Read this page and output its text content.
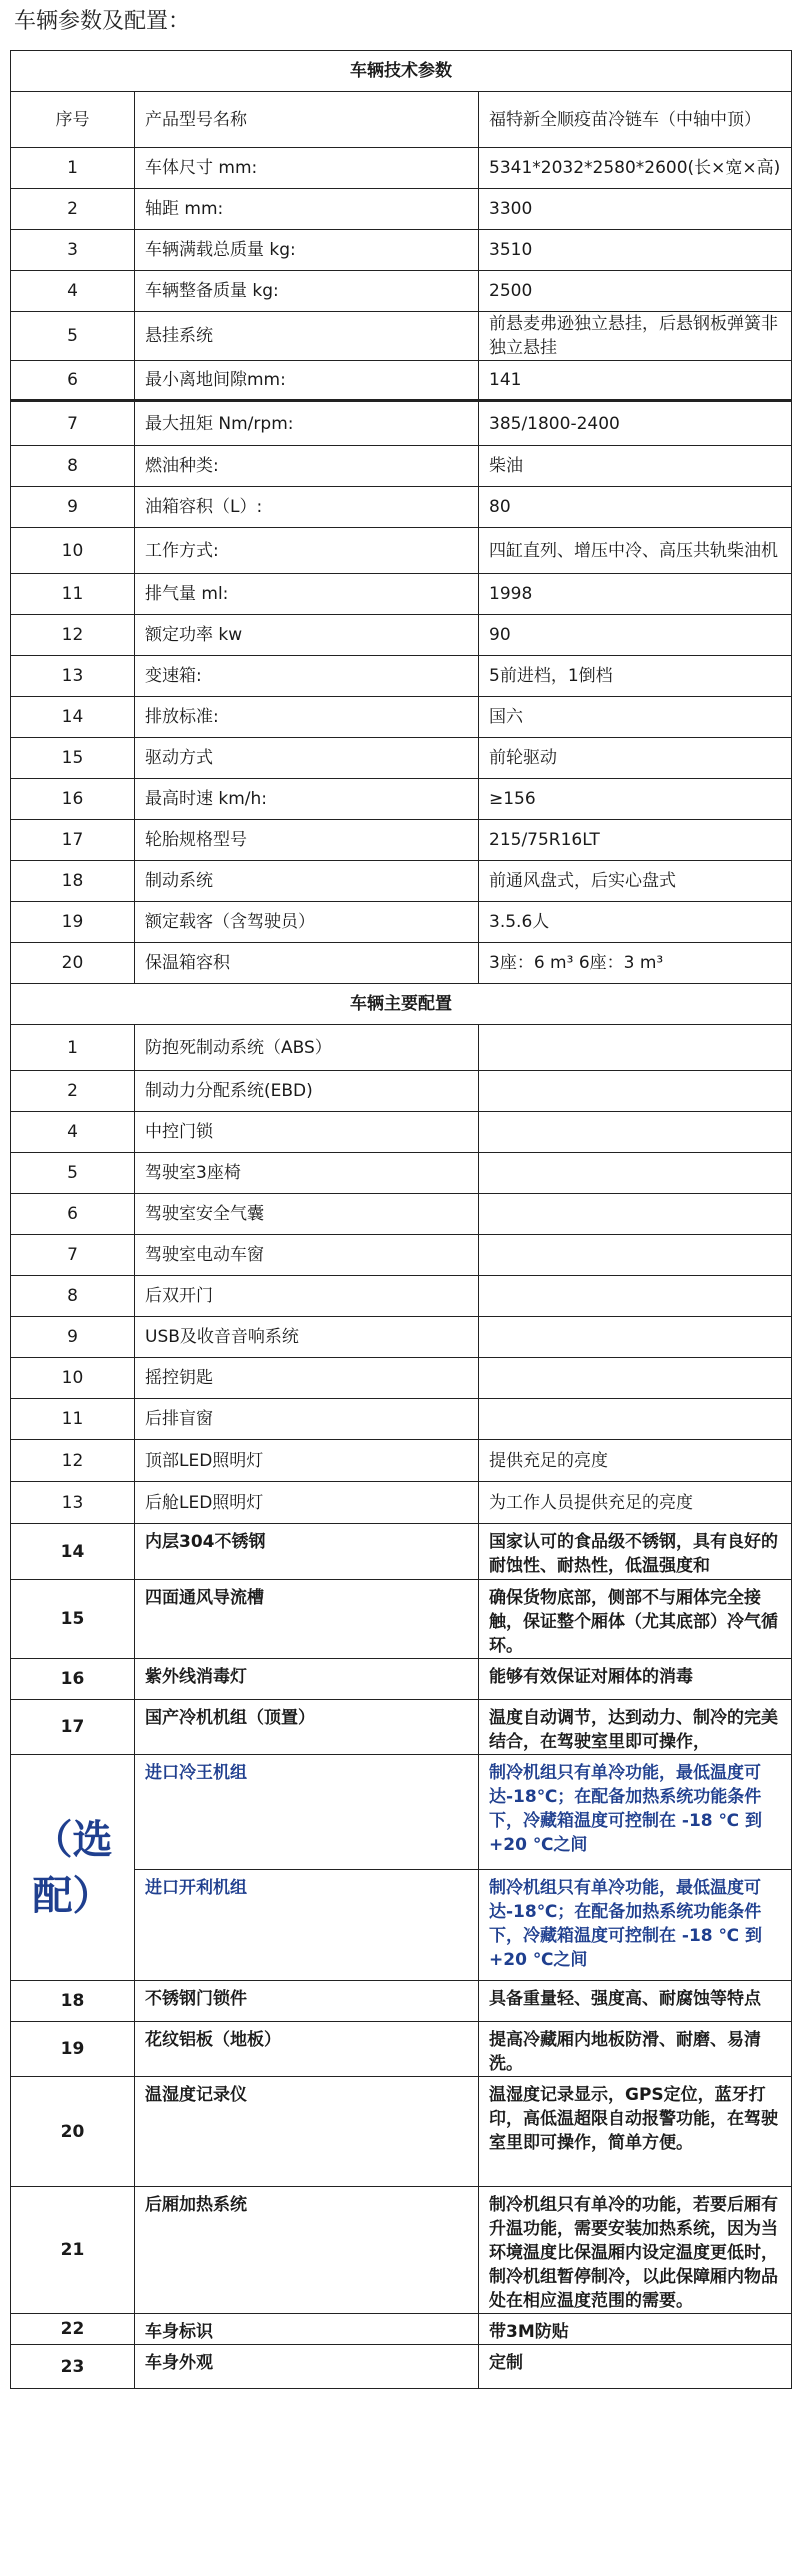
车辆参数及配置：
车辆技术参数		
序号	产品型号名称	福特新全顺疫苗冷链车（中轴中顶）
1	车体尺寸 mm:	5341*2032*2580*2600(长×宽×高)
2	轴距 mm:	3300
3	车辆满载总质量 kg:	3510
4	车辆整备质量 kg:	2500
5	悬挂系统	前悬麦弗逊独立悬挂，后悬钢板弹簧非独立悬挂
6	最小离地间隙mm:	141
7	最大扭矩 Nm/rpm:	385/1800-2400
8	燃油种类:	柴油
9	油箱容积（L）:	80
10	工作方式:	四缸直列、增压中冷、高压共轨柴油机
11	排气量 ml:	1998
12	额定功率 kw	90
13	变速箱:	5前进档，1倒档
14	排放标准:	国六
15	驱动方式	前轮驱动
16	最高时速 km/h:	≥156
17	轮胎规格型号	215/75R16LT
18	制动系统	前通风盘式，后实心盘式
19	额定载客（含驾驶员）	3.5.6人
20	保温箱容积	3座：6 m³ 6座：3 m³
车辆主要配置		
1	防抱死制动系统（ABS）	
2	制动力分配系统(EBD)	
4	中控门锁	
5	驾驶室3座椅	
6	驾驶室安全气囊	
7	驾驶室电动车窗	
8	后双开门	
9	USB及收音音响系统	
10	摇控钥匙	
11	后排盲窗	
12	顶部LED照明灯	提供充足的亮度
13	后舱LED照明灯	为工作人员提供充足的亮度
14	内层304不锈钢	国家认可的食品级不锈钢，具有良好的耐蚀性、耐热性，低温强度和
15	四面通风导流槽	确保货物底部，侧部不与厢体完全接触，保证整个厢体（尤其底部）冷气循环。
16	紫外线消毒灯	能够有效保证对厢体的消毒
17	国产冷机机组（顶置）	温度自动调节，达到动力、制冷的完美结合，在驾驶室里即可操作，
（选配）	进口冷王机组	制冷机组只有单冷功能，最低温度可达-18℃；在配备加热系统功能条件下，冷藏箱温度可控制在 -18 ℃ 到 +20 ℃之间
	进口开利机组	制冷机组只有单冷功能，最低温度可达-18℃；在配备加热系统功能条件下，冷藏箱温度可控制在 -18 ℃ 到 +20 ℃之间
18	不锈钢门锁件	具备重量轻、强度高、耐腐蚀等特点
19	花纹铝板（地板）	提高冷藏厢内地板防滑、耐磨、易清洗。
20	温湿度记录仪	温湿度记录显示，GPS定位，蓝牙打印，高低温超限自动报警功能，在驾驶室里即可操作，简单方便。
21	后厢加热系统	制冷机组只有单冷的功能，若要后厢有升温功能，需要安装加热系统，因为当环境温度比保温厢内设定温度更低时，制冷机组暂停制冷，以此保障厢内物品处在相应温度范围的需要。
22	车身标识	带3M防贴
23	车身外观	定制
